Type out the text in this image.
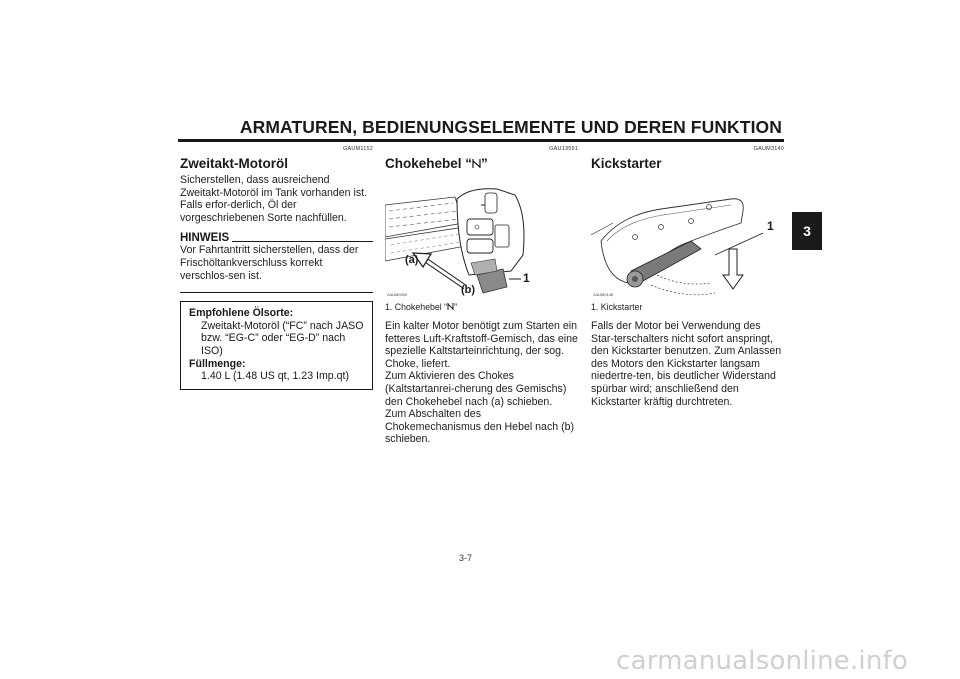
ARMATUREN, BEDIENUNGSELEMENTE UND DEREN FUNKTION
3
GAUM1152
Zweitakt-Motoröl

Sicherstellen, dass ausreichend Zweitakt-Motoröl im Tank vorhanden ist. Falls erfor-derlich, Öl der vorgeschriebenen Sorte nachfüllen.

HINWEIS

Vor Fahrtantritt sicherstellen, dass der Frischöltankverschluss korrekt verschlos-sen ist.

Empfohlene Ölsorte:
Zweitakt-Motoröl (“FC” nach JASO bzw. “EG-C” oder “EG-D” nach ISO)
Füllmenge:
1.40 L (1.48 US qt, 1.23 Imp.qt)
GAU13591
Chokehebel “ ”
(a)
(b)
1
ZAUM0300
1. Chokehebel “ ”

Ein kalter Motor benötigt zum Starten ein fetteres Luft-Kraftstoff-Gemisch, das eine spezielle Kaltstarteinrichtung, der sog. Choke, liefert.
Zum Aktivieren des Chokes (Kaltstartanrei-cherung des Gemischs) den Chokehebel nach (a) schieben.
Zum Abschalten des Chokemechanismus den Hebel nach (b) schieben.

GAUM3140
Kickstarter
1
ZAUM0146
1. Kickstarter

Falls der Motor bei Verwendung des Star-terschalters nicht sofort anspringt, den Kickstarter benutzen. Zum Anlassen des Motors den Kickstarter langsam niedertre-ten, bis deutlicher Widerstand spürbar wird; anschließend den Kickstarter kräftig durchtreten.

3-7
carmanualsonline.info
